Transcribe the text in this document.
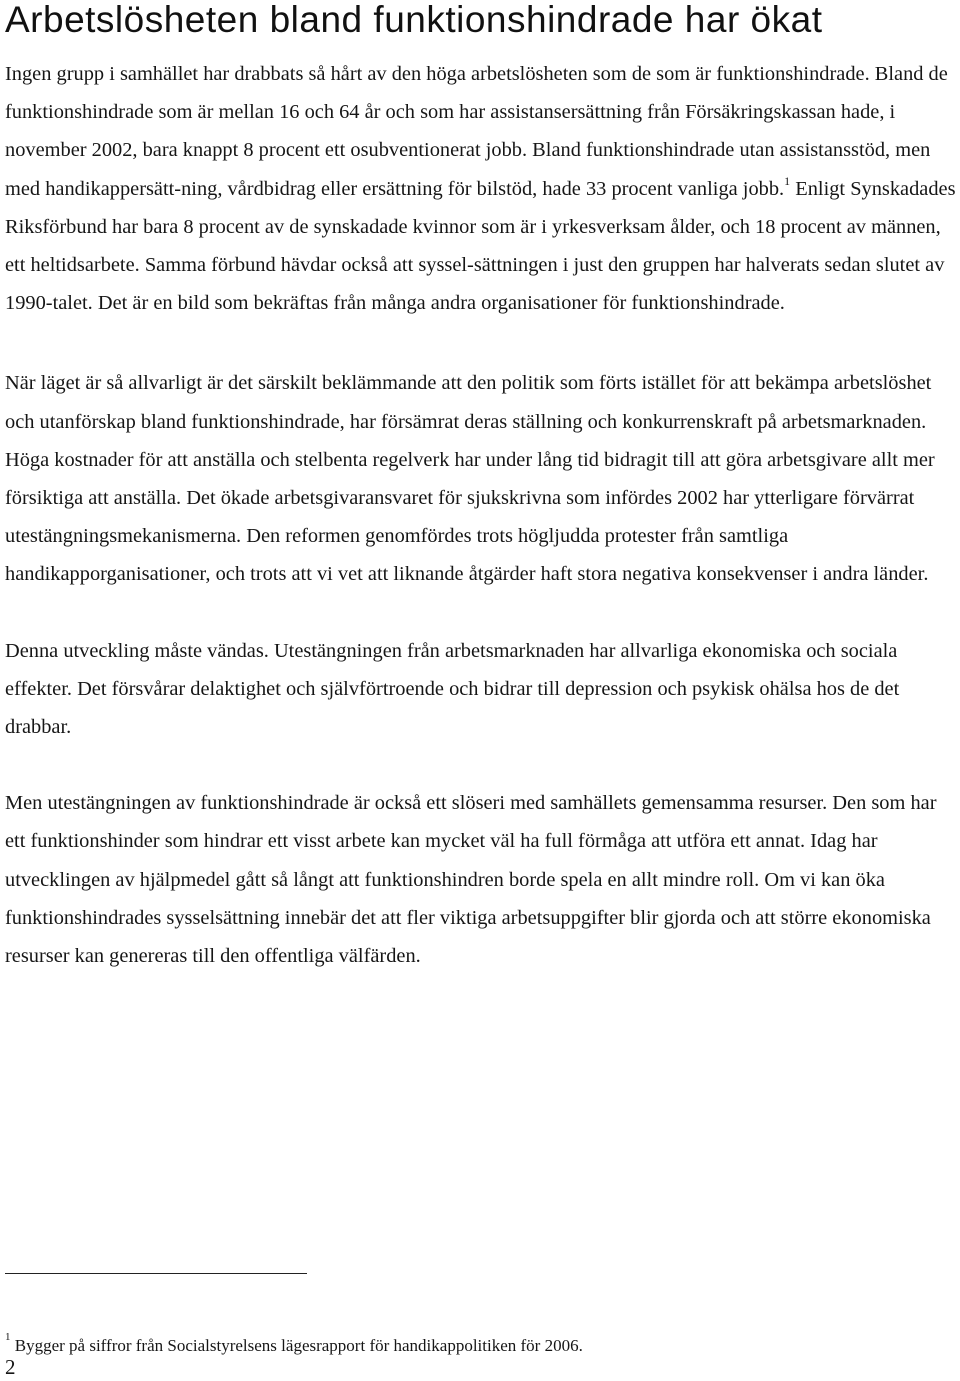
Arbetslösheten bland funktionshindrade har ökat

Ingen grupp i samhället har drabbats så hårt av den höga arbetslösheten som de som är funktionshindrade. Bland de funktionshindrade som är mellan 16 och 64 år och som har assistansersättning från Försäkringskassan hade, i november 2002, bara knappt 8 procent ett osubventionerat jobb. Bland funktionshindrade utan assistansstöd, men med handikappersätt-ning, vårdbidrag eller ersättning för bilstöd, hade 33 procent vanliga jobb.$^1$ Enligt Synskadades Riksförbund har bara 8 procent av de synskadade kvinnor som är i yrkesverksam ålder, och 18 procent av männen, ett heltidsarbete. Samma förbund hävdar också att syssel-sättningen i just den gruppen har halverats sedan slutet av 1990-talet. Det är en bild som bekräftas från många andra organisationer för funktionshindrade.

När läget är så allvarligt är det särskilt beklämmande att den politik som förts istället för att bekämpa arbetslöshet och utanförskap bland funktionshindrade, har försämrat deras ställning och konkurrenskraft på arbetsmarknaden. Höga kostnader för att anställa och stelbenta regelverk har under lång tid bidragit till att göra arbetsgivare allt mer försiktiga att anställa. Det ökade arbetsgivaransvaret för sjukskrivna som infördes 2002 har ytterligare förvärrat utestängningsmekanismerna. Den reformen genomfördes trots högljudda protester från samtliga handikapporganisationer, och trots att vi vet att liknande åtgärder haft stora negativa konsekvenser i andra länder.

Denna utveckling måste vändas. Utestängningen från arbetsmarknaden har allvarliga ekonomiska och sociala effekter. Det försvårar delaktighet och självförtroende och bidrar till depression och psykisk ohälsa hos de det drabbar.

Men utestängningen av funktionshindrade är också ett slöseri med samhällets gemensamma resurser. Den som har ett funktionshinder som hindrar ett visst arbete kan mycket väl ha full förmåga att utföra ett annat. Idag har utvecklingen av hjälpmedel gått så långt att funktionshindren borde spela en allt mindre roll. Om vi kan öka funktionshindrades sysselsättning innebär det att fler viktiga arbetsuppgifter blir gjorda och att större ekonomiska resurser kan genereras till den offentliga välfärden.

$^1$ Bygger på siffror från Socialstyrelsens lägesrapport för handikappolitiken för 2006.
2
